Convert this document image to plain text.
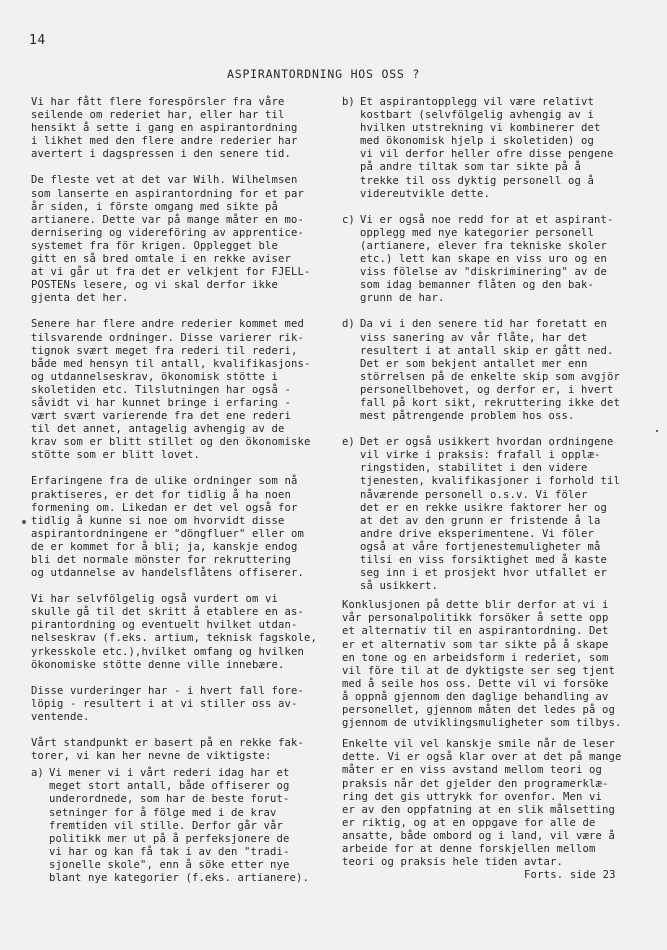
14
ASPIRANTORDNING HOS OSS ?

Vi har fått flere forespörsler fra våre
seilende om rederiet har, eller har til
hensikt å sette i gang en aspirantordning
i likhet med den flere andre rederier har
avertert i dagspressen i den senere tid.

De fleste vet at det var Wilh. Wilhelmsen
som lanserte en aspirantordning for et par
år siden, i förste omgang med sikte på
artianere. Dette var på mange måter en mo-
dernisering og videreföring av apprentice-
systemet fra för krigen. Opplegget ble
gitt en så bred omtale i en rekke aviser
at vi går ut fra det er velkjent for FJELL-
POSTENs lesere, og vi skal derfor ikke
gjenta det her.

Senere har flere andre rederier kommet med
tilsvarende ordninger. Disse varierer rik-
tignok svært meget fra rederi til rederi,
både med hensyn til antall, kvalifikasjons-
og utdannelseskrav, ökonomisk stötte i
skoletiden etc. Tilslutningen har også -
såvidt vi har kunnet bringe i erfaring -
vært svært varierende fra det ene rederi
til det annet, antagelig avhengig av de
krav som er blitt stillet og den ökonomiske
stötte som er blitt lovet.

Erfaringene fra de ulike ordninger som nå
praktiseres, er det for tidlig å ha noen
formening om. Likedan er det vel også for
tidlig å kunne si noe om hvorvidt disse
aspirantordningene er "döngfluer" eller om
de er kommet for å bli; ja, kanskje endog
bli det normale mönster for rekruttering
og utdannelse av handelsflåtens offiserer.

Vi har selvfölgelig også vurdert om vi
skulle gå til det skritt å etablere en as-
pirantordning og eventuelt hvilket utdan-
nelseskrav (f.eks. artium, teknisk fagskole,
yrkesskole etc.),hvilket omfang og hvilken
ökonomiske stötte denne ville innebære.

Disse vurderinger har - i hvert fall fore-
löpig - resultert i at vi stiller oss av-
ventende.

Vårt standpunkt er basert på en rekke fak-
torer, vi kan her nevne de viktigste:

a) Vi mener vi i vårt rederi idag har et
meget stort antall, både offiserer og
underordnede, som har de beste forut-
setninger for å fölge med i de krav
fremtiden vil stille. Derfor går vår
politikk mer ut på å perfeksjonere de
vi har og kan få tak i av den "tradi-
sjonelle skole", enn å söke etter nye
blant nye kategorier (f.eks. artianere).

b) Et aspirantopplegg vil være relativt
kostbart (selvfölgelig avhengig av i
hvilken utstrekning vi kombinerer det
med ökonomisk hjelp i skoletiden) og
vi vil derfor heller ofre disse pengene
på andre tiltak som tar sikte på å
trekke til oss dyktig personell og å
videreutvikle dette.

c) Vi er også noe redd for at et aspirant-
opplegg med nye kategorier personell
(artianere, elever fra tekniske skoler
etc.) lett kan skape en viss uro og en
viss fölelse av "diskriminering" av de
som idag bemanner flåten og den bak-
grunn de har.

d) Da vi i den senere tid har foretatt en
viss sanering av vår flåte, har det
resultert i at antall skip er gått ned.
Det er som bekjent antallet mer enn
störrelsen på de enkelte skip som avgjör
personellbehovet, og derfor er, i hvert
fall på kort sikt, rekruttering ikke det
mest påtrengende problem hos oss.

e) Det er også usikkert hvordan ordningene
vil virke i praksis: frafall i opplæ-
ringstiden, stabilitet i den videre
tjenesten, kvalifikasjoner i forhold til
nåværende personell o.s.v. Vi föler
det er en rekke usikre faktorer her og
at det av den grunn er fristende å la
andre drive eksperimentene. Vi föler
også at våre fortjenestemuligheter må
tilsi en viss forsiktighet med å kaste
seg inn i et prosjekt hvor utfallet er
så usikkert.

Konklusjonen på dette blir derfor at vi i
vår personalpolitikk forsöker å sette opp
et alternativ til en aspirantordning. Det
er et alternativ som tar sikte på å skape
en tone og en arbeidsform i rederiet, som
vil före til at de dyktigste ser seg tjent
med å seile hos oss. Dette vil vi forsöke
å oppnå gjennom den daglige behandling av
personellet, gjennom måten det ledes på og
gjennom de utviklingsmuligheter som tilbys.

Enkelte vil vel kanskje smile når de leser
dette. Vi er også klar over at det på mange
måter er en viss avstand mellom teori og
praksis når det gjelder den programerklæ-
ring det gis uttrykk for ovenfor. Men vi
er av den oppfatning at en slik målsetting
er riktig, og at en oppgave for alle de
ansatte, både ombord og i land, vil være å
arbeide for at denne forskjellen mellom
teori og praksis hele tiden avtar.

Forts. side 23
